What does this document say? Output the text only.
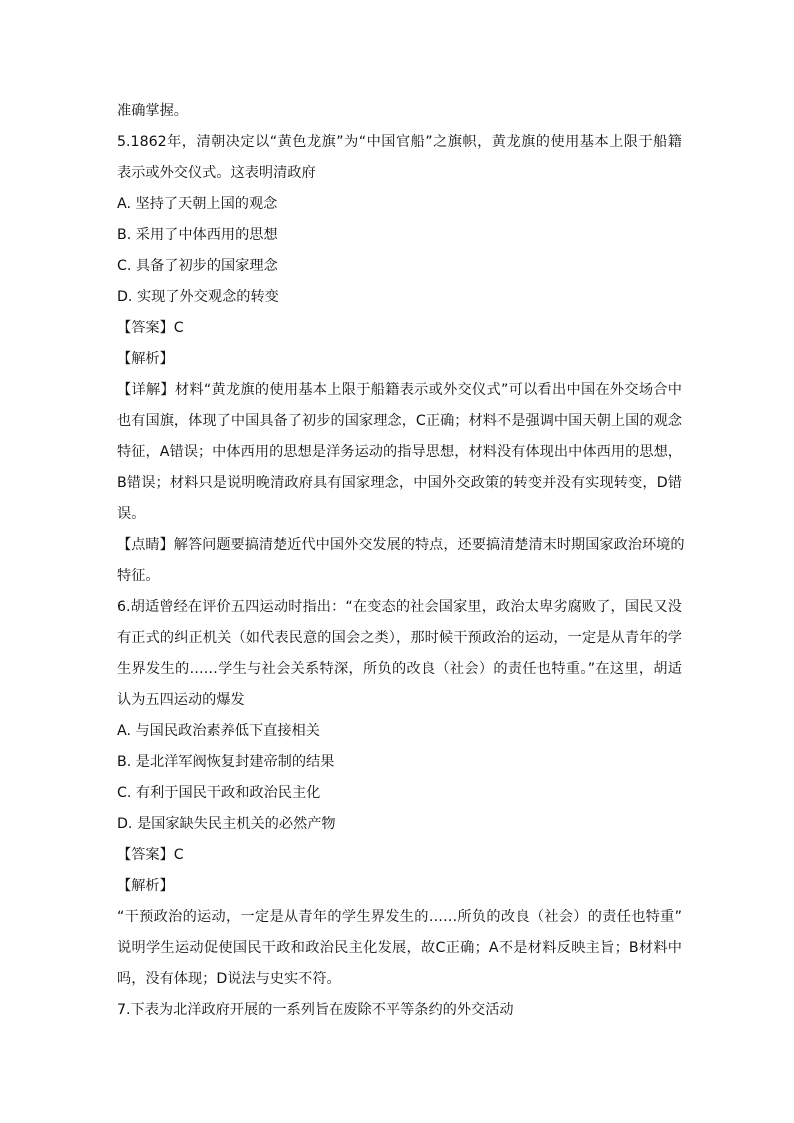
准确掌握。
5.1862年，清朝决定以“黄色龙旗”为“中国官船”之旗帜，黄龙旗的使用基本上限于船籍
表示或外交仪式。这表明清政府
A. 坚持了天朝上国的观念
B. 采用了中体西用的思想
C. 具备了初步的国家理念
D. 实现了外交观念的转变
【答案】C
【解析】
【详解】材料“黄龙旗的使用基本上限于船籍表示或外交仪式”可以看出中国在外交场合中
也有国旗，体现了中国具备了初步的国家理念，C正确；材料不是强调中国天朝上国的观念
特征，A错误；中体西用的思想是洋务运动的指导思想，材料没有体现出中体西用的思想，
B错误；材料只是说明晚清政府具有国家理念，中国外交政策的转变并没有实现转变，D错
误。
【点睛】解答问题要搞清楚近代中国外交发展的特点，还要搞清楚清末时期国家政治环境的
特征。
6.胡适曾经在评价五四运动时指出：“在变态的社会国家里，政治太卑劣腐败了，国民又没
有正式的纠正机关（如代表民意的国会之类），那时候干预政治的运动，一定是从青年的学
生界发生的……学生与社会关系特深，所负的改良（社会）的责任也特重。”在这里，胡适
认为五四运动的爆发
A. 与国民政治素养低下直接相关
B. 是北洋军阀恢复封建帝制的结果
C. 有利于国民干政和政治民主化
D. 是国家缺失民主机关的必然产物
【答案】C
【解析】
“干预政治的运动，一定是从青年的学生界发生的……所负的改良（社会）的责任也特重”
说明学生运动促使国民干政和政治民主化发展，故C正确；A不是材料反映主旨；B材料中
吗，没有体现；D说法与史实不符。
7.下表为北洋政府开展的一系列旨在废除不平等条约的外交活动
